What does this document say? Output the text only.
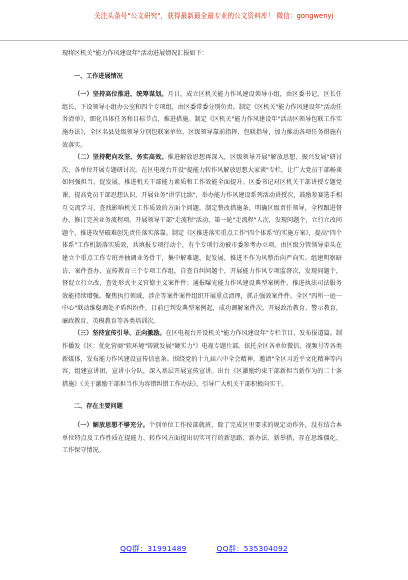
关注头条号"公文研究"，获得最新最全最专业的公文资料库！ 微信：gongwenyj

现将区机关"能力作风建设年"活动进展情况汇报如下：

一、工作进展情况

（一）坚持高位推进、统筹谋划。月日，成立区机关能力作风建设领导小组，由区委书记、区长任组长，下设领导小组办公室和四个专项组，由区委常委分别负责。制定《区机关"能力作风建设年"活动任务清单》，细化具体任务和目标节点，推进措施。制定《区机关"能力作风建设年"活动区领导包联工作实施办法》，全区名县处级领导分别包联案单位，区级领导靠前指挥、包联指导，加力推动各项任务措施有效落实。

（二）坚持靶向攻坚、务实高效。推进解放思想再深入，区级领导开展"解放思想、振兴发展"研讨次，各单位开展专题研讨次。在区电视台开设"提能力转作风解放思想大家谈"专栏，让广大党员干部畅谈如何强担当、促发展，推进机关干部能力素质和工作效能全面提升。区委书记对区机关干部讲授专题党课，提高党员干部思想认识，开展业务"讲学比练"，举办能力作风建设系列活动讲授次，鼓励参赛选手相互交流学习，查找影响机关工作质效的方面个问题，制定整改措施条，明确区级责任领导，全程跟进督办，修订完善业务流程项。开展领导干部"走流程"活动，第一轮"走流程"人次，发现问题个，立行立改问题个，推进攻坚破难创先责任落实落靠。制定《区推进落实重点工作"四个体系"的实施方案》，提高"四个体系"工作机制落实质效，共填报专项行动个，有个专项行动被市委参考办立项。由区级分管领导牵头在建立个重点工作专班并抽调业务骨干，集中解难题、促发展，推进不作为风整治向严向实。组建明察暗访、案件查办、宣传教育三个专项工作组，自查自纠问题个，开展能力作风专项监督次，发现问题个，督促立行立改，查处形式主义官僚主义案件件；通报曝光能力作风建设典型案例件。推进执法司法服务效能持续增强。聚焦执行领域，涉企等案件案件组织开展重点清理，抓正强效案件件。全区"四所一庭一中心"联动维稳调处矛盾纠纷件，目前已判发典型案例起，成功调解案件次。开展政治教育、警示教育，廉政教育、英模教育等各类培训次。

（三）坚持宣传引导、正向激励。在区电视台开设机关"能力作风建设年"专栏节目，发布报道篇。制作播发《区：优化营商"软环境"铸就发展"硬实力"》电视专题片部。依托全区各单位微信、视频号等各类新媒体，发布能力作风建设宣传信息条。围绕党的十九届六中全会精神，邀请"全区习近平文化精神等内容，组建宣讲团，宣讲小分队，深入基层开展宣传宣讲。出台《区激励约束干部新担当新作为的二十条措施》《关于激励干部担当作为容错纠错工作办法》，引导广大机关干部积极向实干。

二、存在主要问题

（一）解放思想不够充分。个别单位工作按部就班，除了完成区里要求的规定动作外，没有结合本单位特点及工作性质在提能力、转作风方面提出切实可行的新思路、新办法、新举措，存在思维僵化、工作保守情况。

QQ群：31991489	QQ群：535304092
